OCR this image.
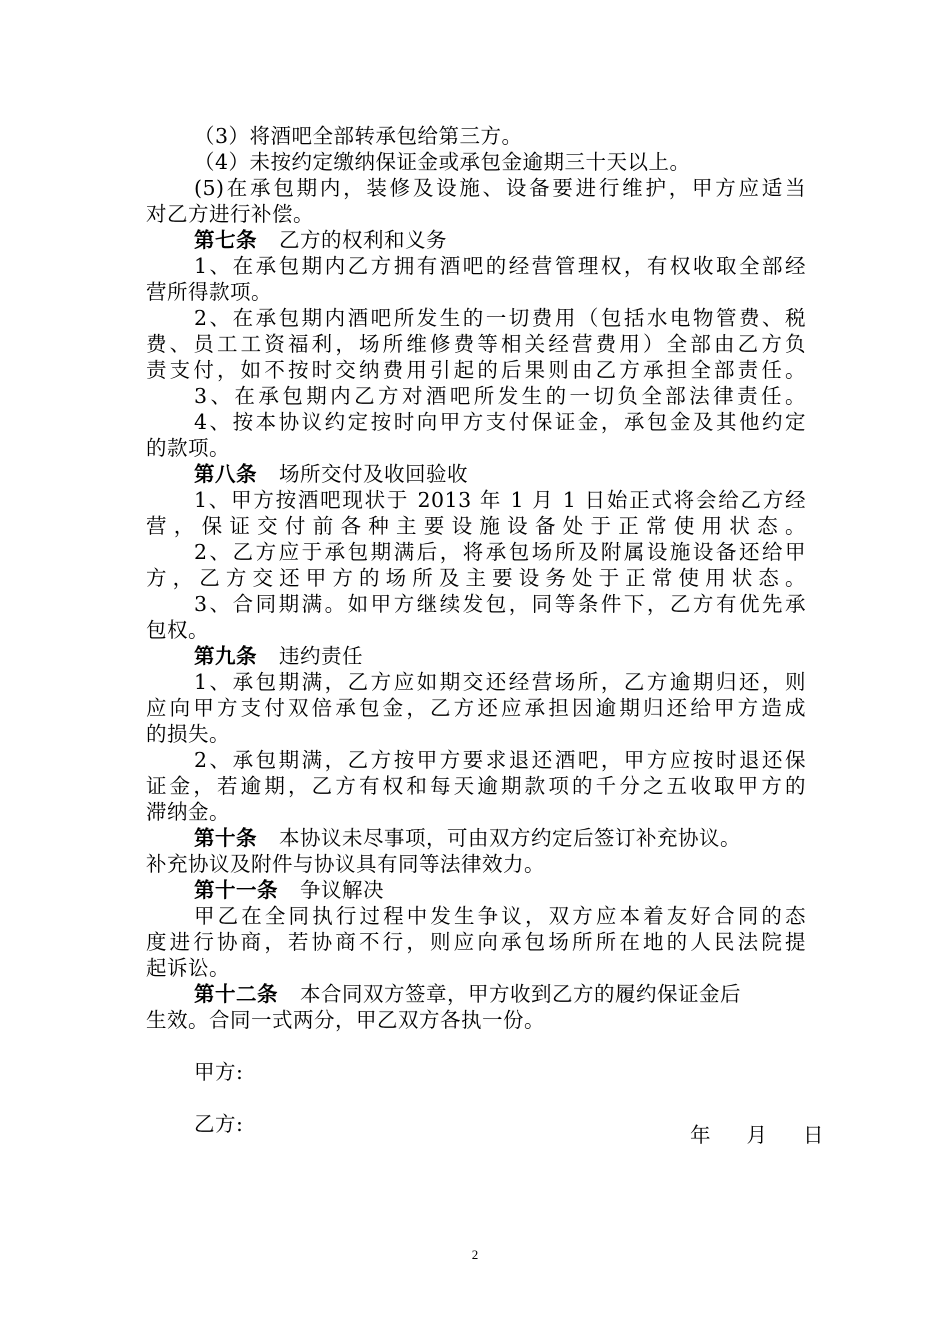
（3）将酒吧全部转承包给第三方。
（4）未按约定缴纳保证金或承包金逾期三十天以上。
(5)在承包期内，装修及设施、设备要进行维护，甲方应适当
对乙方进行补偿。
第七条 乙方的权利和义务
1、在承包期内乙方拥有酒吧的经营管理权，有权收取全部经
营所得款项。
2、在承包期内酒吧所发生的一切费用（包括水电物管费、税
费、员工工资福利，场所维修费等相关经营费用）全部由乙方负
责支付，如不按时交纳费用引起的后果则由乙方承担全部责任。
3、在承包期内乙方对酒吧所发生的一切负全部法律责任。
4、按本协议约定按时向甲方支付保证金，承包金及其他约定
的款项。
第八条 场所交付及收回验收
1、甲方按酒吧现状于 2013 年 1 月 1 日始正式将会给乙方经
营，保证交付前各种主要设施设备处于正常使用状态。
2、乙方应于承包期满后，将承包场所及附属设施设备还给甲
方，乙方交还甲方的场所及主要设务处于正常使用状态。
3、合同期满。如甲方继续发包，同等条件下，乙方有优先承
包权。
第九条 违约责任
1、承包期满，乙方应如期交还经营场所，乙方逾期归还，则
应向甲方支付双倍承包金，乙方还应承担因逾期归还给甲方造成
的损失。
2、承包期满，乙方按甲方要求退还酒吧，甲方应按时退还保
证金，若逾期，乙方有权和每天逾期款项的千分之五收取甲方的
滞纳金。
第十条 本协议未尽事项，可由双方约定后签订补充协议。
补充协议及附件与协议具有同等法律效力。
第十一条 争议解决
甲乙在全同执行过程中发生争议，双方应本着友好合同的态
度进行协商，若协商不行，则应向承包场所所在地的人民法院提
起诉讼。
第十二条 本合同双方签章，甲方收到乙方的履约保证金后
生效。合同一式两分，甲乙双方各执一份。
甲方:
乙方:	年 月 日
2
